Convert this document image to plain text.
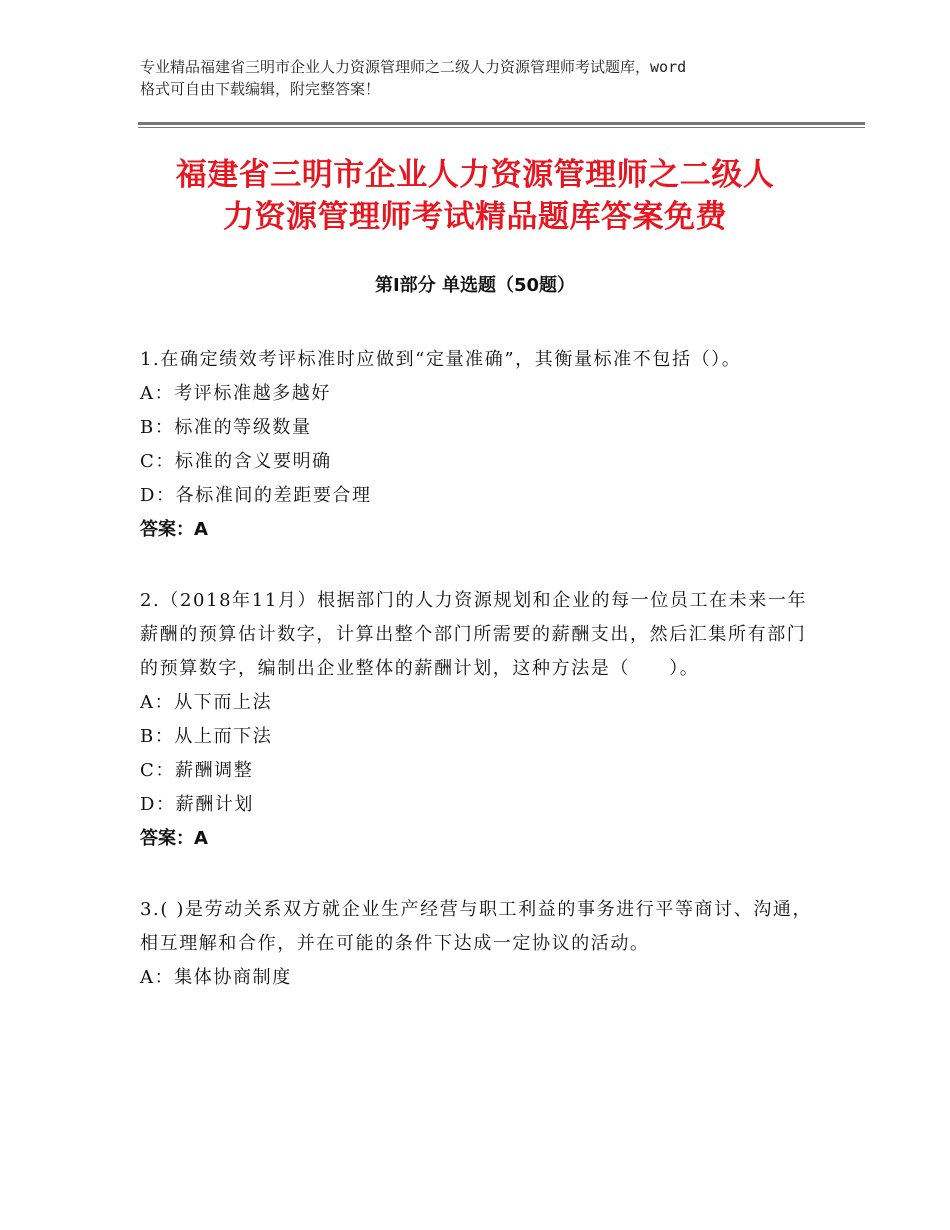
专业精品福建省三明市企业人力资源管理师之二级人力资源管理师考试题库，word
格式可自由下载编辑，附完整答案！

福建省三明市企业人力资源管理师之二级人
力资源管理师考试精品题库答案免费
第Ⅰ部分 单选题（50题）

1.在确定绩效考评标准时应做到“定量准确”，其衡量标准不包括（）。

A：考评标准越多越好

B：标准的等级数量

C：标准的含义要明确

D：各标准间的差距要合理

答案：A

2.（2018年11月）根据部门的人力资源规划和企业的每一位员工在未来一年薪酬的预算估计数字，计算出整个部门所需要的薪酬支出，然后汇集所有部门的预算数字，编制出企业整体的薪酬计划，这种方法是（　　）。

A：从下而上法

B：从上而下法

C：薪酬调整

D：薪酬计划

答案：A

3.( )是劳动关系双方就企业生产经营与职工利益的事务进行平等商讨、沟通，相互理解和合作，并在可能的条件下达成一定协议的活动。

A：集体协商制度
